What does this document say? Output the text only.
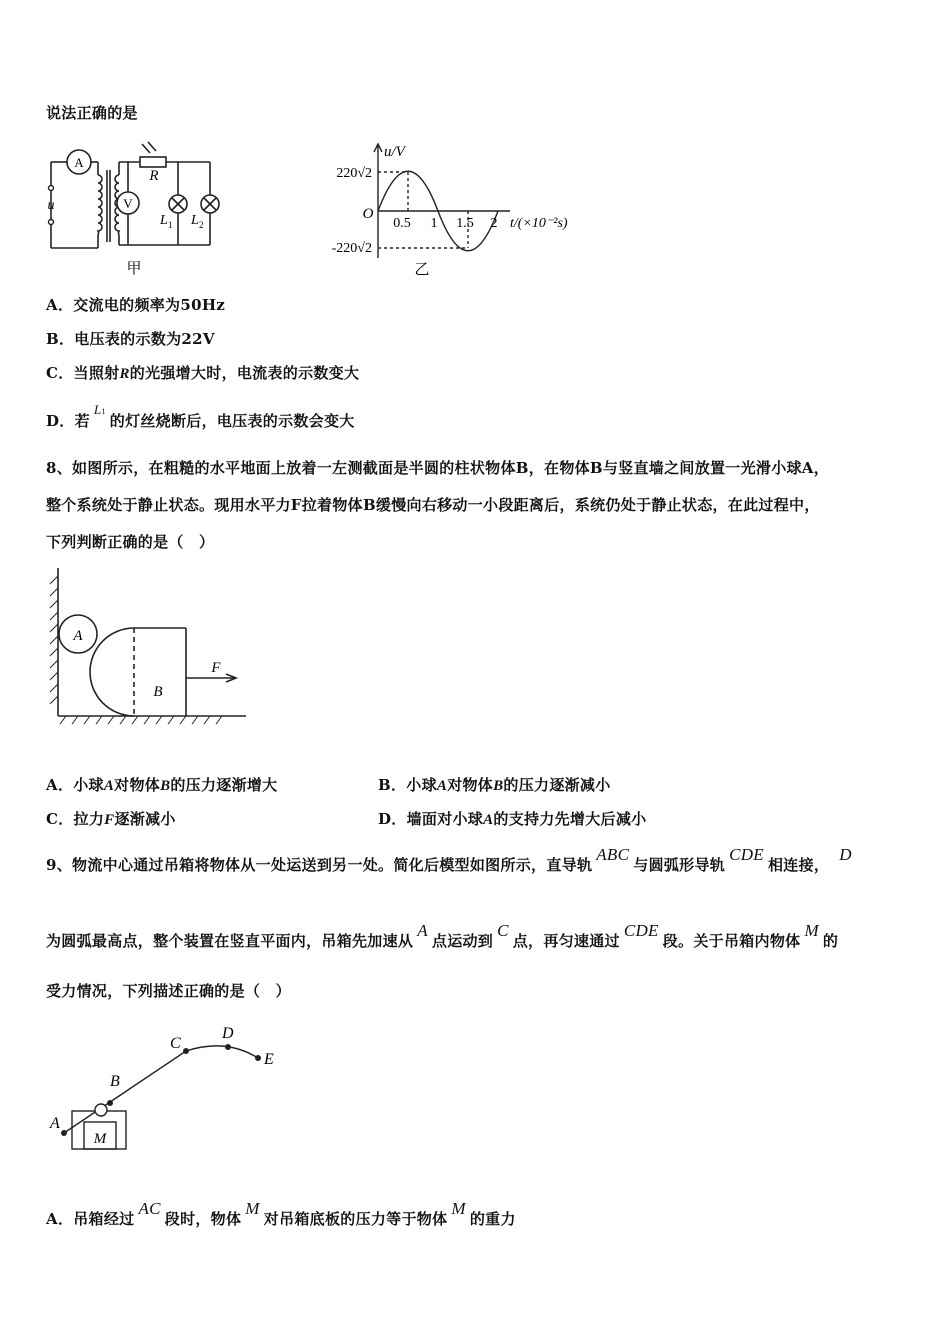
说法正确的是
A
V
u
R
L 1 L 2
甲
u/V
220√2
-220√2
O
0.5 1 1.5 2 t/(×10⁻²s)
乙
A．交流电的频率为50Hz
B．电压表的示数为22V
C．当照射R的光强增大时，电流表的示数变大
D．若L1的灯丝烧断后，电压表的示数会变大
8、如图所示，在粗糙的水平地面上放着一左测截面是半圆的柱状物体B，在物体B与竖直墙之间放置一光滑小球A，
整个系统处于静止状态。现用水平力F拉着物体B缓慢向右移动一小段距离后，系统仍处于静止状态，在此过程中，
下列判断正确的是（　）
A
B
F
A．小球A对物体B的压力逐渐增大	B．小球A对物体B的压力逐渐减小
C．拉力F逐渐减小	D．墙面对小球A的支持力先增大后减小
9、物流中心通过吊箱将物体从一处运送到另一处。简化后模型如图所示，直导轨ABC与圆弧形导轨CDE相连接，D
为圆弧最高点，整个装置在竖直平面内，吊箱先加速从A点运动到C点，再匀速通过CDE段。关于吊箱内物体M的
受力情况，下列描述正确的是（　）
A
B
C
D
E
M
A．吊箱经过AC段时，物体M对吊箱底板的压力等于物体M的重力
